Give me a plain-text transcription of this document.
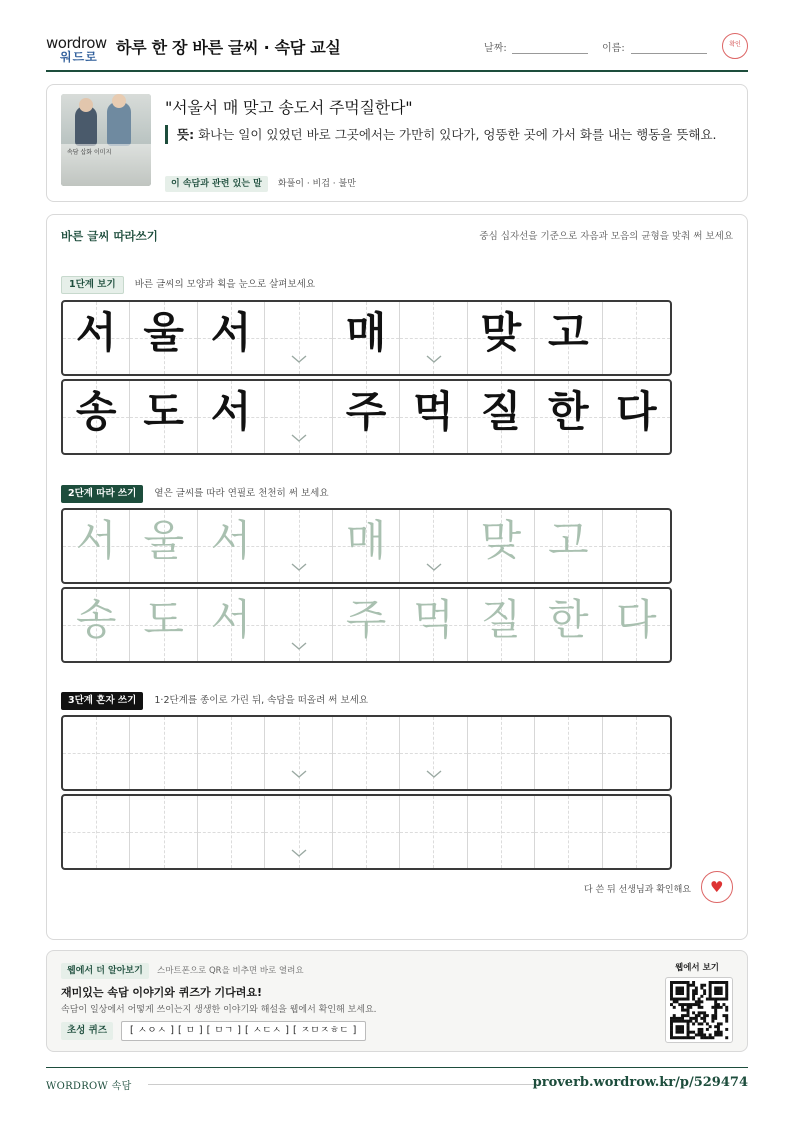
wordrow
워드로 하루 한 장 바른 글씨 · 속담 교실	날짜:	이름:	확인
속담 삽화 이미지
"서울서 매 맞고 송도서 주먹질한다"
뜻: 화나는 일이 있었던 바로 그곳에서는 가만히 있다가, 엉뚱한 곳에 가서 화를 내는 행동을 뜻해요.
이 속담과 관련 있는 말 화풀이 · 비겁 · 불만
바른 글씨 따라쓰기	중심 십자선을 기준으로 자음과 모음의 균형을 맞춰 써 보세요
1단계 보기 바른 글씨의 모양과 획을 눈으로 살펴보세요
서 울 서	매	맞 고
송 도 서	주 먹 질 한 다
2단계 따라 쓰기 옅은 글씨를 따라 연필로 천천히 써 보세요
서 울 서	매	맞 고
송 도 서	주 먹 질 한 다
3단계 혼자 쓰기 1·2단계를 종이로 가린 뒤, 속담을 떠올려 써 보세요
다 쓴 뒤 선생님과 확인해요 ♥
웹에서 더 알아보기	스마트폰으로 QR을 비추면 바로 열려요
재미있는 속담 이야기와 퀴즈가 기다려요!
속담이 일상에서 어떻게 쓰이는지 생생한 이야기와 해설을 웹에서 확인해 보세요.
초성 퀴즈	[ ㅅㅇㅅ ] [ ㅁ ] [ ㅁㄱ ] [ ㅅㄷㅅ ] [ ㅈㅁㅈㅎㄷ ]
웹에서 보기
WORDROW 속담	proverb.wordrow.kr/p/529474
